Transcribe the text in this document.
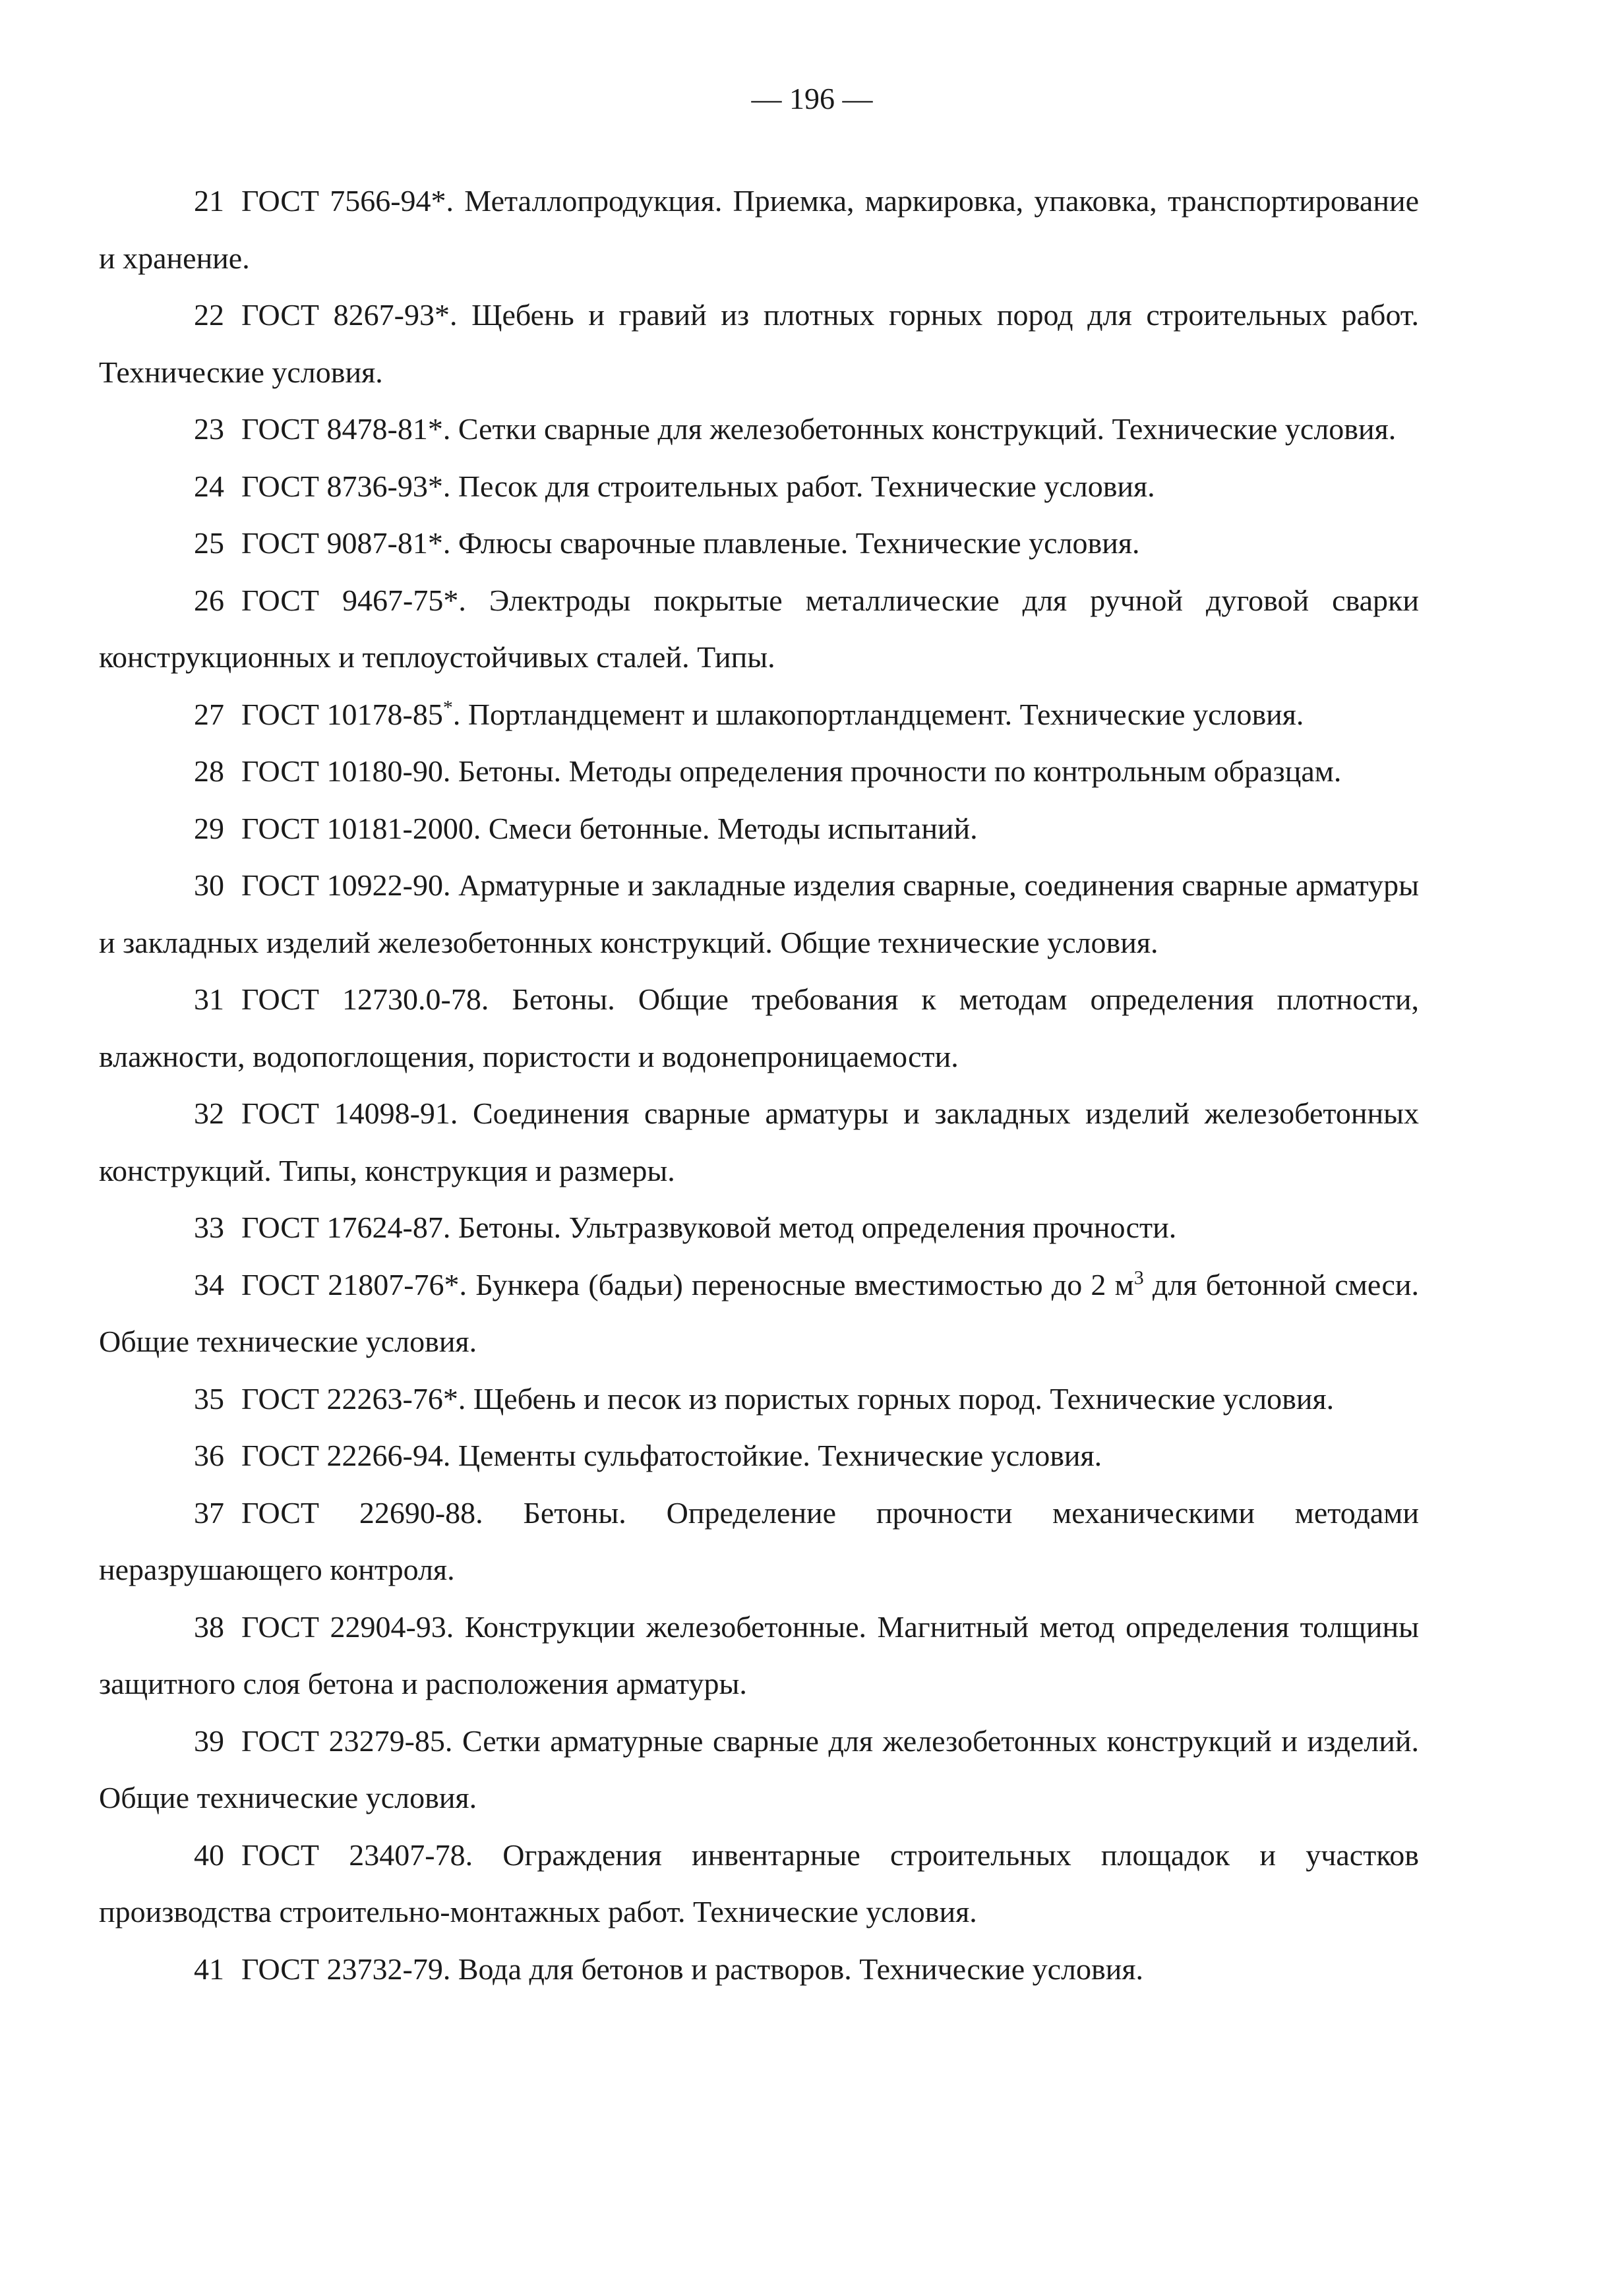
— 196 —
21 ГОСТ 7566-94*. Металлопродукция. Приемка, маркировка, упаковка, транспортирование и хранение.
22 ГОСТ 8267-93*. Щебень и гравий из плотных горных пород для строительных работ. Технические условия.
23 ГОСТ 8478-81*. Сетки сварные для железобетонных конструкций. Технические условия.
24 ГОСТ 8736-93*. Песок для строительных работ. Технические условия.
25 ГОСТ 9087-81*. Флюсы сварочные плавленые. Технические условия.
26 ГОСТ 9467-75*. Электроды покрытые металлические для ручной дуговой сварки конструкционных и теплоустойчивых сталей. Типы.
27 ГОСТ 10178-85*. Портландцемент и шлакопортландцемент. Технические условия.
28 ГОСТ 10180-90. Бетоны. Методы определения прочности по контрольным образцам.
29 ГОСТ 10181-2000. Смеси бетонные. Методы испытаний.
30 ГОСТ 10922-90. Арматурные и закладные изделия сварные, соединения сварные арматуры и закладных изделий железобетонных конструкций. Общие технические условия.
31 ГОСТ 12730.0-78. Бетоны. Общие требования к методам определения плотности, влажности, водопоглощения, пористости и водонепроницаемости.
32 ГОСТ 14098-91. Соединения сварные арматуры и закладных изделий железобетонных конструкций. Типы, конструкция и размеры.
33 ГОСТ 17624-87. Бетоны. Ультразвуковой метод определения прочности.
34 ГОСТ 21807-76*. Бункера (бадьи) переносные вместимостью до 2 $м^3$ для бетонной смеси. Общие технические условия.
35 ГОСТ 22263-76*. Щебень и песок из пористых горных пород. Технические условия.
36 ГОСТ 22266-94. Цементы сульфатостойкие. Технические условия.
37 ГОСТ 22690-88. Бетоны. Определение прочности механическими методами неразрушающего контроля.
38 ГОСТ 22904-93. Конструкции железобетонные. Магнитный метод определения толщины защитного слоя бетона и расположения арматуры.
39 ГОСТ 23279-85. Сетки арматурные сварные для железобетонных конструкций и изделий. Общие технические условия.
40 ГОСТ 23407-78. Ограждения инвентарные строительных площадок и участков производства строительно-монтажных работ. Технические условия.
41 ГОСТ 23732-79. Вода для бетонов и растворов. Технические условия.
